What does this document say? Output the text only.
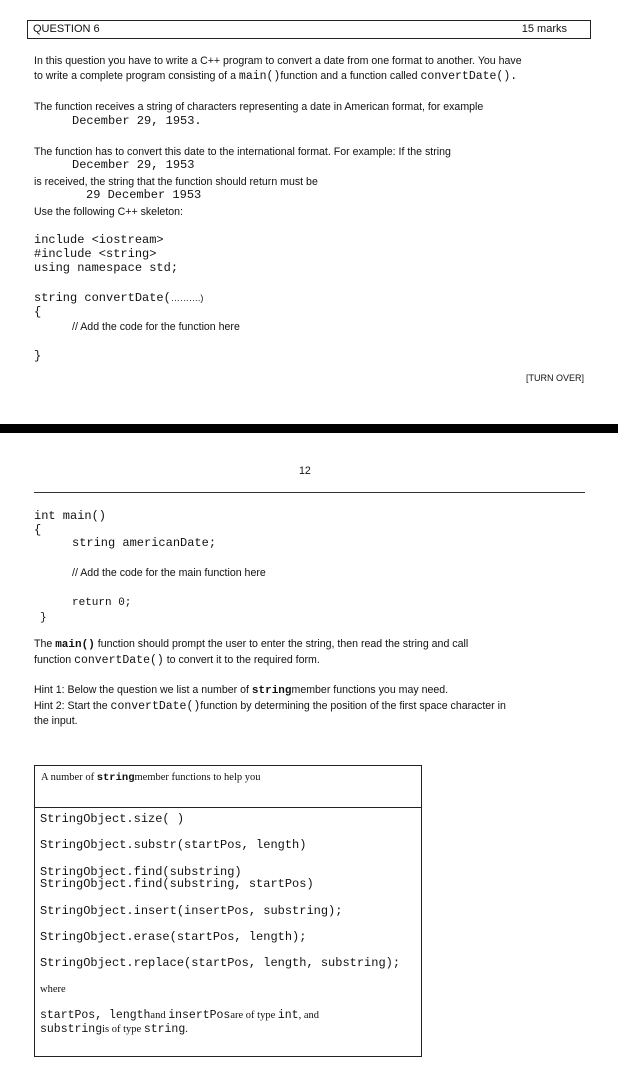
QUESTION 6	15 marks
In this question you have to write a C++ program to convert a date from one format to another. You have
to write a complete program consisting of a main()function and a function called convertDate().
The function receives a string of characters representing a date in American format, for example
December 29, 1953.
The function has to convert this date to the international format. For example: If the string
December 29, 1953
is received, the string that the function should return must be
29 December 1953
Use the following C++ skeleton:
include <iostream>
#include <string>
using namespace std;
string convertDate(……….)
{
// Add the code for the function here
}
[TURN OVER]
12
int main()
{
string americanDate;
// Add the code for the main function here
return 0;
}
The main() function should prompt the user to enter the string, then read the string and call
function convertDate() to convert it to the required form.
Hint 1: Below the question we list a number of stringmember functions you may need.
Hint 2: Start the convertDate()function by determining the position of the first space character in
the input.
A number of stringmember functions to help you
StringObject.size( )
StringObject.substr(startPos, length)
StringObject.find(substring)
StringObject.find(substring, startPos)
StringObject.insert(insertPos, substring);
StringObject.erase(startPos, length);
StringObject.replace(startPos, length, substring);
where
startPos, lengthand insertPosare of type int, and
substringis of type string.
